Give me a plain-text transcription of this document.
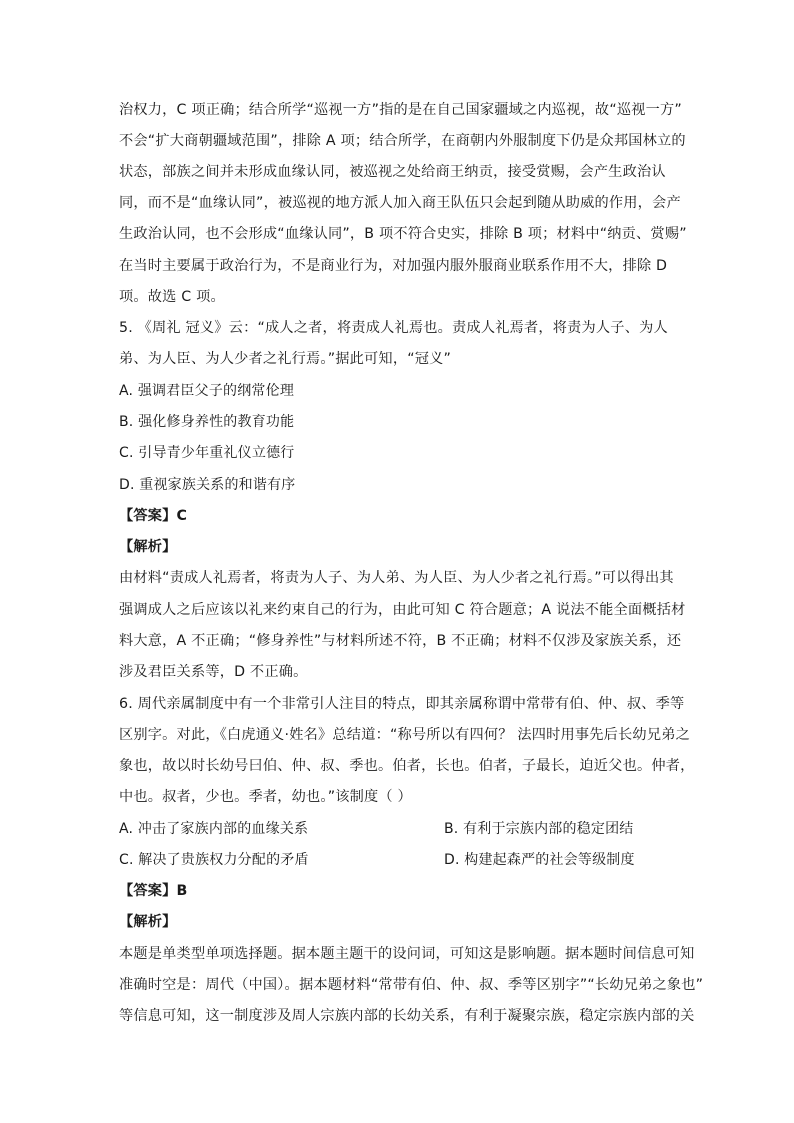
治权力，C 项正确；结合所学“巡视一方”指的是在自己国家疆域之内巡视，故“巡视一方”
不会“扩大商朝疆域范围”，排除 A 项；结合所学，在商朝内外服制度下仍是众邦国林立的
状态，部族之间并未形成血缘认同，被巡视之处给商王纳贡，接受赏赐，会产生政治认
同，而不是“血缘认同”，被巡视的地方派人加入商王队伍只会起到随从助威的作用，会产
生政治认同，也不会形成“血缘认同”，B 项不符合史实，排除 B 项；材料中“纳贡、赏赐”
在当时主要属于政治行为，不是商业行为，对加强内服外服商业联系作用不大，排除 D
项。故选 C 项。
5. 《周礼 冠义》云：“成人之者，将责成人礼焉也。责成人礼焉者，将责为人子、为人
弟、为人臣、为人少者之礼行焉。”据此可知，“冠义”
A. 强调君臣父子的纲常伦理
B. 强化修身养性的教育功能
C. 引导青少年重礼仪立德行
D. 重视家族关系的和谐有序
【答案】C
【解析】
由材料“责成人礼焉者，将责为人子、为人弟、为人臣、为人少者之礼行焉。”可以得出其
强调成人之后应该以礼来约束自己的行为，由此可知 C 符合题意；A 说法不能全面概括材
料大意，A 不正确；“修身养性”与材料所述不符，B 不正确；材料不仅涉及家族关系，还
涉及君臣关系等，D 不正确。
6. 周代亲属制度中有一个非常引人注目的特点，即其亲属称谓中常带有伯、仲、叔、季等
区别字。对此，《白虎通义·姓名》总结道：“称号所以有四何？ 法四时用事先后长幼兄弟之
象也，故以时长幼号曰伯、仲、叔、季也。伯者，长也。伯者，子最长，迫近父也。仲者，
中也。叔者，少也。季者，幼也。”该制度（ ）
A. 冲击了家族内部的血缘关系	B. 有利于宗族内部的稳定团结
C. 解决了贵族权力分配的矛盾	D. 构建起森严的社会等级制度
【答案】B
【解析】
本题是单类型单项选择题。据本题主题干的设问词，可知这是影响题。据本题时间信息可知
准确时空是：周代（中国）。据本题材料“常带有伯、仲、叔、季等区别字”“长幼兄弟之象也”
等信息可知，这一制度涉及周人宗族内部的长幼关系，有利于凝聚宗族，稳定宗族内部的关
